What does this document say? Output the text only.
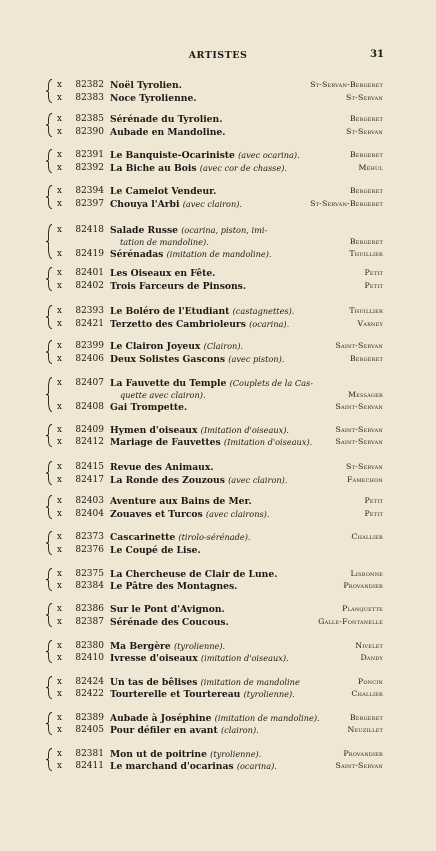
ARTISTES	31
x 82382 Noël Tyrolien.	St-Servan-Bergeret
x 82383 Noce Tyrolienne.	St-Servan
x 82385 Sérénade du Tyrolien.	Bergeret
x 82390 Aubade en Mandoline.	St-Servan
x 82391 Le Banquiste-Ocariniste (avec ocarina).	Bergeret
x 82392 La Biche au Bois (avec cor de chasse).	Méhul
x 82394 Le Camelot Vendeur.	Bergeret
x 82397 Chouya l'Arbi (avec clairon).	St-Servan-Bergeret
x 82418 Salade Russe (ocarina, piston, imi-
tation de mandoline).	Bergeret
x 82419 Sérénadas (imitation de mandoline).	Thuillier
x 82401 Les Oiseaux en Fête.	Petit
x 82402 Trois Farceurs de Pinsons.	Petit
x 82393 Le Boléro de l'Etudiant (castagnettes).	Thuillier
x 82421 Terzetto des Cambrioleurs (ocarina).	Varney
x 82399 Le Clairon Joyeux (Clairon).	Saint-Servan
x 82406 Deux Solistes Gascons (avec piston).	Bergeret
x 82407 La Fauvette du Temple (Couplets de la Cas-
quette avec clairon).	Messager
x 82408 Gai Trompette.	Saint-Servan
x 82409 Hymen d'oiseaux (Imitation d'oiseaux).	Saint-Servan
x 82412 Mariage de Fauvettes (Imitation d'oiseaux).	Saint-Servan
x 82415 Revue des Animaux.	St-Servan
x 82417 La Ronde des Zouzous (avec clairon).	Famechon
x 82403 Aventure aux Bains de Mer.	Petit
x 82404 Zouaves et Turcos (avec clairons).	Petit
x 82373 Cascarinette (tirolo-sérénade).	Challier
x 82376 Le Coupé de Lise.
x 82375 La Chercheuse de Clair de Lune.	Lisbonne
x 82384 Le Pâtre des Montagnes.	Provandier
x 82386 Sur le Pont d'Avignon.	Planquette
x 82387 Sérénade des Coucous.	Galle-Fontanelle
x 82380 Ma Bergère (tyrolienne).	Nivelet
x 82410 Ivresse d'oiseaux (imitation d'oiseaux).	Dandy
x 82424 Un tas de bêlises (imitation de mandoline	Poncin
x 82422 Tourterelle et Tourtereau (tyrolienne).	Challier
x 82389 Aubade à Joséphine (imitation de mandoline).	Bergeret
x 82405 Pour défiler en avant (clairon).	Neuzillet
x 82381 Mon ut de poitrine (tyrolienne).	Provandier
x 82411 Le marchand d'ocarinas (ocarina).	Saint-Servan
